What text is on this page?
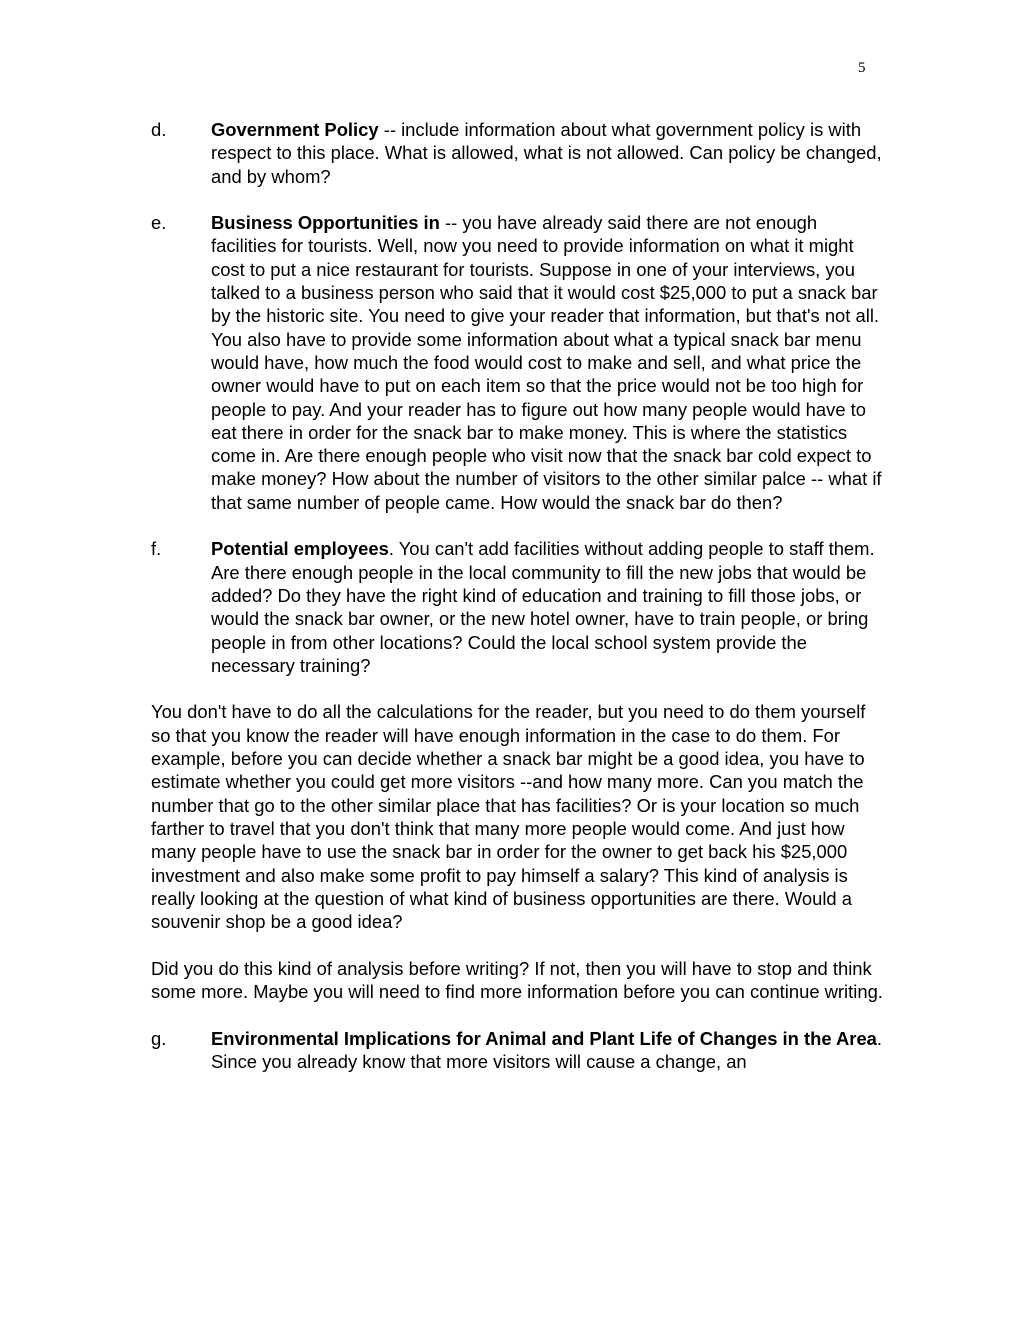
5
d. Government Policy -- include information about what government policy is with respect to this place. What is allowed, what is not allowed. Can policy be changed, and by whom?

e. Business Opportunities in -- you have already said there are not enough facilities for tourists. Well, now you need to provide information on what it might cost to put a nice restaurant for tourists. Suppose in one of your interviews, you talked to a business person who said that it would cost $25,000 to put a snack bar by the historic site. You need to give your reader that information, but that's not all. You also have to provide some information about what a typical snack bar menu would have, how much the food would cost to make and sell, and what price the owner would have to put on each item so that the price would not be too high for people to pay. And your reader has to figure out how many people would have to eat there in order for the snack bar to make money. This is where the statistics come in. Are there enough people who visit now that the snack bar cold expect to make money? How about the number of visitors to the other similar palce -- what if that same number of people came. How would the snack bar do then?

f.	Potential employees. You can't add facilities without adding people to staff them. Are there enough people in the local community to fill the new jobs that would be added? Do they have the right kind of education and training to fill those jobs, or would the snack bar owner, or the new hotel owner, have to train people, or bring people in from other locations? Could the local school system provide the necessary training?

You don't have to do all the calculations for the reader, but you need to do them yourself so that you know the reader will have enough information in the case to do them. For example, before you can decide whether a snack bar might be a good idea, you have to estimate whether you could get more visitors --and how many more. Can you match the number that go to the other similar place that has facilities? Or is your location so much farther to travel that you don't think that many more people would come. And just how many people have to use the snack bar in order for the owner to get back his $25,000 investment and also make some profit to pay himself a salary? This kind of analysis is really looking at the question of what kind of business opportunities are there. Would a souvenir shop be a good idea?

Did you do this kind of analysis before writing? If not, then you will have to stop and think some more. Maybe you will need to find more information before you can continue writing.

g. Environmental Implications for Animal and Plant Life of Changes in the Area. Since you already know that more visitors will cause a change, an
